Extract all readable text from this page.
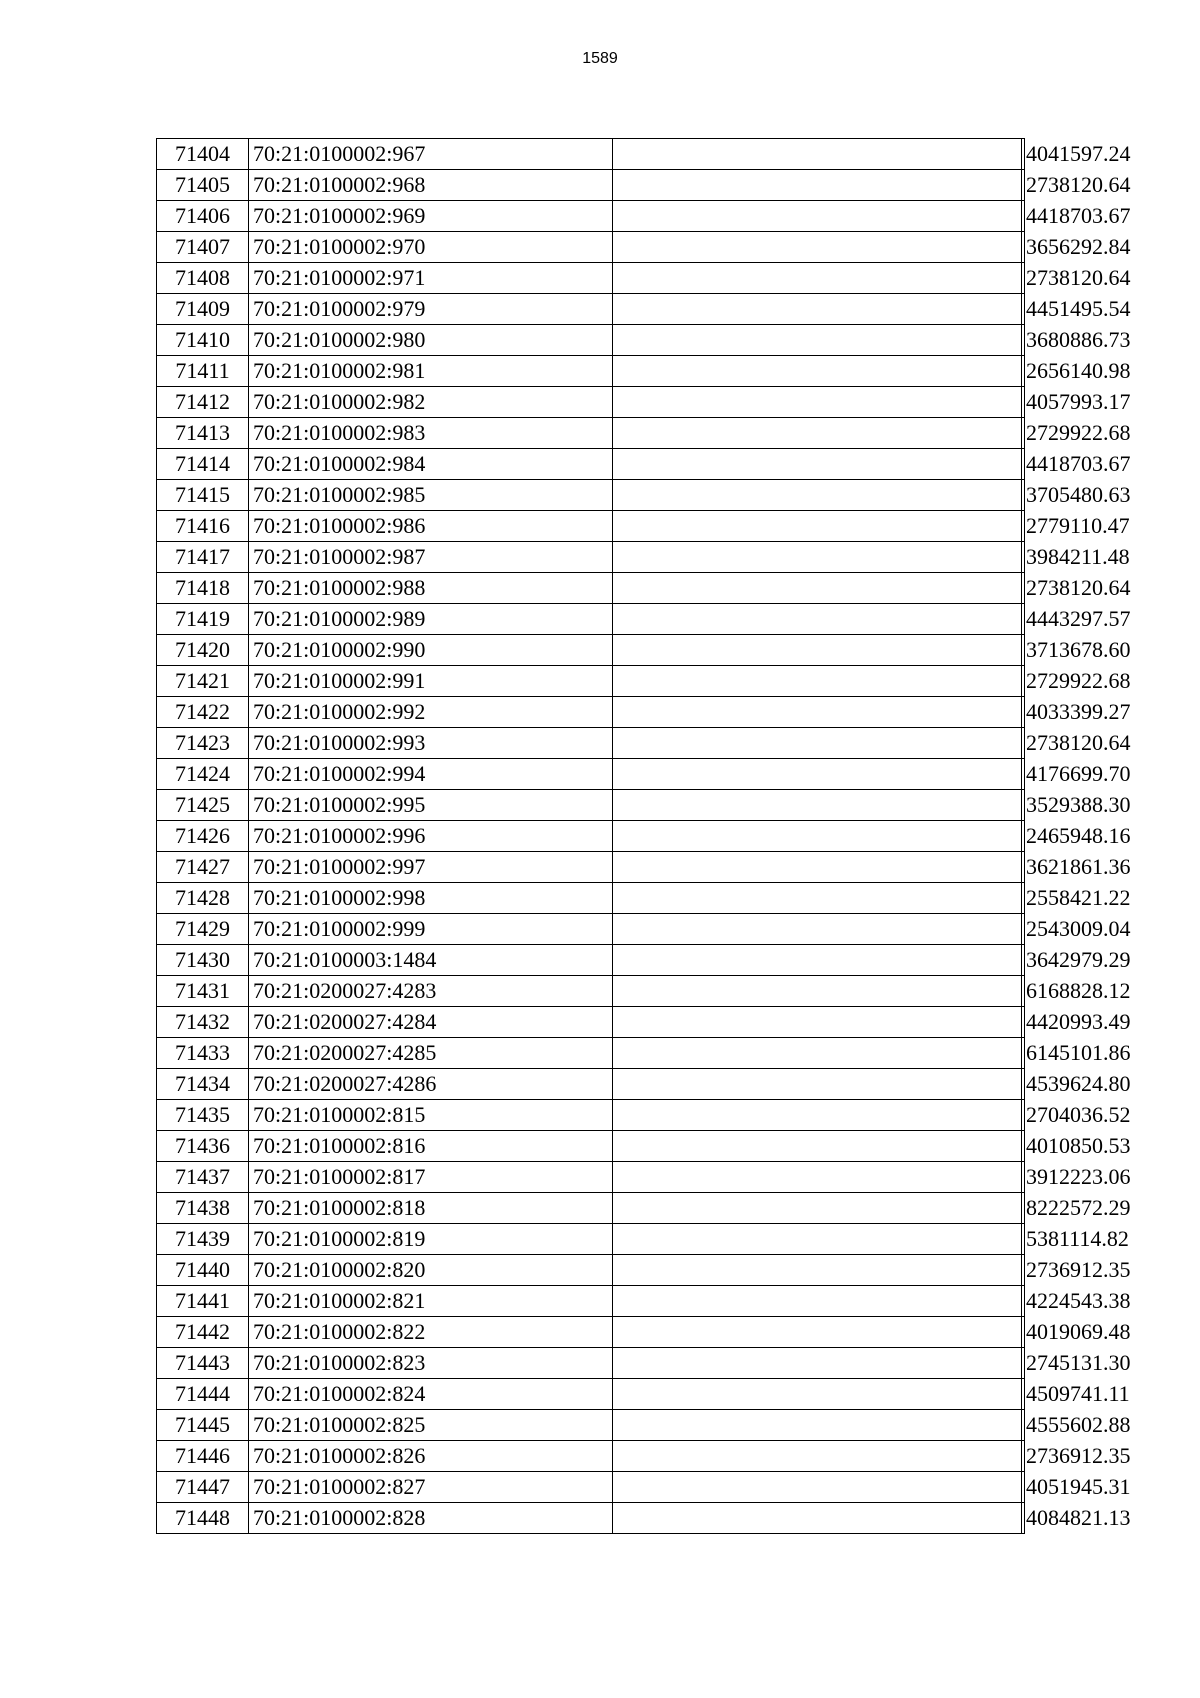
1589
71404	70:21:0100002:967		4041597.24
71405	70:21:0100002:968		2738120.64
71406	70:21:0100002:969		4418703.67
71407	70:21:0100002:970		3656292.84
71408	70:21:0100002:971		2738120.64
71409	70:21:0100002:979		4451495.54
71410	70:21:0100002:980		3680886.73
71411	70:21:0100002:981		2656140.98
71412	70:21:0100002:982		4057993.17
71413	70:21:0100002:983		2729922.68
71414	70:21:0100002:984		4418703.67
71415	70:21:0100002:985		3705480.63
71416	70:21:0100002:986		2779110.47
71417	70:21:0100002:987		3984211.48
71418	70:21:0100002:988		2738120.64
71419	70:21:0100002:989		4443297.57
71420	70:21:0100002:990		3713678.60
71421	70:21:0100002:991		2729922.68
71422	70:21:0100002:992		4033399.27
71423	70:21:0100002:993		2738120.64
71424	70:21:0100002:994		4176699.70
71425	70:21:0100002:995		3529388.30
71426	70:21:0100002:996		2465948.16
71427	70:21:0100002:997		3621861.36
71428	70:21:0100002:998		2558421.22
71429	70:21:0100002:999		2543009.04
71430	70:21:0100003:1484		3642979.29
71431	70:21:0200027:4283		6168828.12
71432	70:21:0200027:4284		4420993.49
71433	70:21:0200027:4285		6145101.86
71434	70:21:0200027:4286		4539624.80
71435	70:21:0100002:815		2704036.52
71436	70:21:0100002:816		4010850.53
71437	70:21:0100002:817		3912223.06
71438	70:21:0100002:818		8222572.29
71439	70:21:0100002:819		5381114.82
71440	70:21:0100002:820		2736912.35
71441	70:21:0100002:821		4224543.38
71442	70:21:0100002:822		4019069.48
71443	70:21:0100002:823		2745131.30
71444	70:21:0100002:824		4509741.11
71445	70:21:0100002:825		4555602.88
71446	70:21:0100002:826		2736912.35
71447	70:21:0100002:827		4051945.31
71448	70:21:0100002:828		4084821.13
